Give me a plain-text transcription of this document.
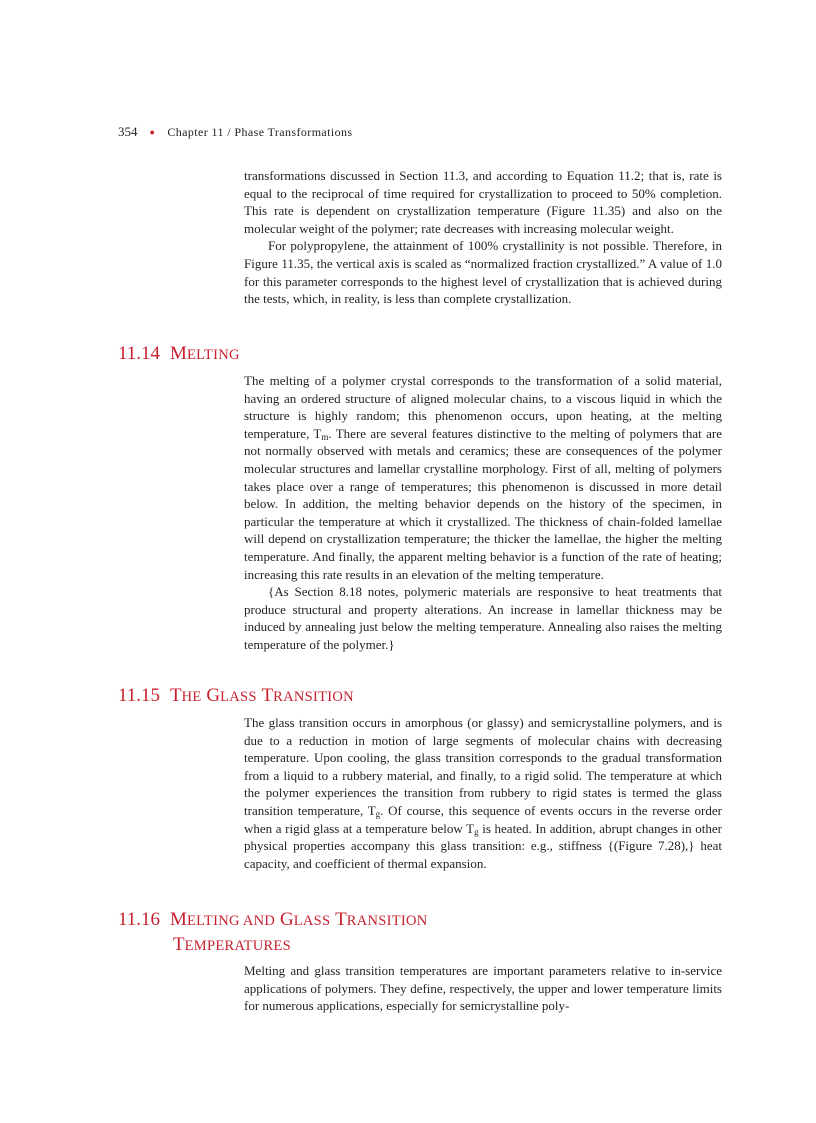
354 ● Chapter 11 / Phase Transformations

transformations discussed in Section 11.3, and according to Equation 11.2; that is, rate is equal to the reciprocal of time required for crystallization to proceed to 50% completion. This rate is dependent on crystallization temperature (Figure 11.35) and also on the molecular weight of the polymer; rate decreases with increasing molecular weight.

For polypropylene, the attainment of 100% crystallinity is not possible. Therefore, in Figure 11.35, the vertical axis is scaled as “normalized fraction crystallized.” A value of 1.0 for this parameter corresponds to the highest level of crystallization that is achieved during the tests, which, in reality, is less than complete crystallization.

11.14 MELTING

The melting of a polymer crystal corresponds to the transformation of a solid material, having an ordered structure of aligned molecular chains, to a viscous liquid in which the structure is highly random; this phenomenon occurs, upon heating, at the melting temperature, $T_m$. There are several features distinctive to the melting of polymers that are not normally observed with metals and ceramics; these are consequences of the polymer molecular structures and lamellar crystalline morphology. First of all, melting of polymers takes place over a range of temperatures; this phenomenon is discussed in more detail below. In addition, the melting behavior depends on the history of the specimen, in particular the temperature at which it crystallized. The thickness of chain-folded lamellae will depend on crystallization temperature; the thicker the lamellae, the higher the melting temperature. And finally, the apparent melting behavior is a function of the rate of heating; increasing this rate results in an elevation of the melting temperature.

{As Section 8.18 notes, polymeric materials are responsive to heat treatments that produce structural and property alterations. An increase in lamellar thickness may be induced by annealing just below the melting temperature. Annealing also raises the melting temperature of the polymer.}

11.15 THE GLASS TRANSITION

The glass transition occurs in amorphous (or glassy) and semicrystalline polymers, and is due to a reduction in motion of large segments of molecular chains with decreasing temperature. Upon cooling, the glass transition corresponds to the gradual transformation from a liquid to a rubbery material, and finally, to a rigid solid. The temperature at which the polymer experiences the transition from rubbery to rigid states is termed the glass transition temperature, $T_g$. Of course, this sequence of events occurs in the reverse order when a rigid glass at a temperature below $T_g$ is heated. In addition, abrupt changes in other physical properties accompany this glass transition: e.g., stiffness {(Figure 7.28),} heat capacity, and coefficient of thermal expansion.

11.16 MELTING AND GLASS TRANSITION
TEMPERATURES

Melting and glass transition temperatures are important parameters relative to in-service applications of polymers. They define, respectively, the upper and lower temperature limits for numerous applications, especially for semicrystalline poly-
